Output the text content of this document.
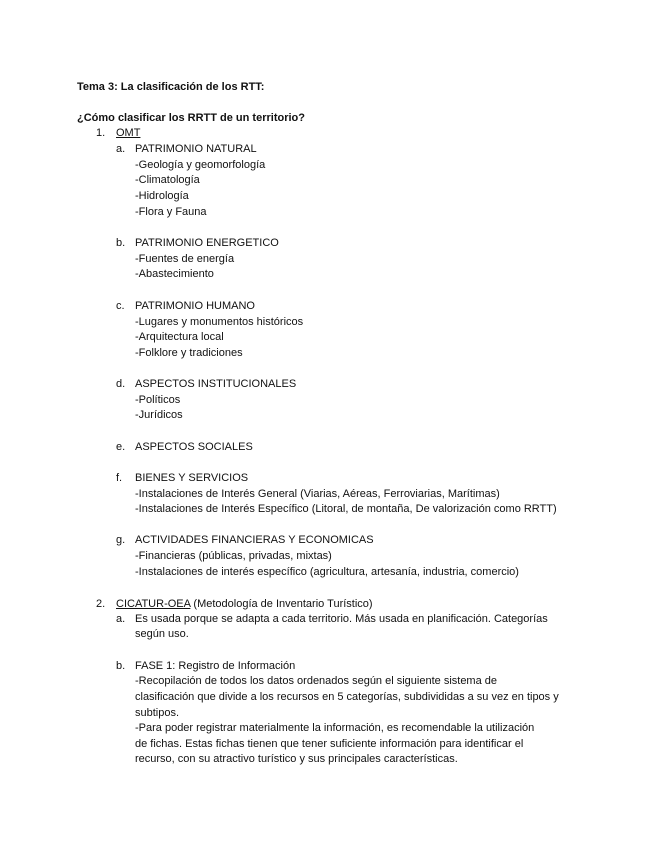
Tema 3: La clasificación de los RTT:
¿Cómo clasificar los RRTT de un territorio?
1. OMT
a. PATRIMONIO NATURAL
-Geología y geomorfología
-Climatología
-Hidrología
-Flora y Fauna
b. PATRIMONIO ENERGETICO
-Fuentes de energía
-Abastecimiento
c. PATRIMONIO HUMANO
-Lugares y monumentos históricos
-Arquitectura local
-Folklore y tradiciones
d. ASPECTOS INSTITUCIONALES
-Políticos
-Jurídicos
e. ASPECTOS SOCIALES
f. BIENES Y SERVICIOS
-Instalaciones de Interés General (Viarias, Aéreas, Ferroviarias, Marítimas)
-Instalaciones de Interés Específico (Litoral, de montaña, De valorización como RRTT)
g. ACTIVIDADES FINANCIERAS Y ECONOMICAS
-Financieras (públicas, privadas, mixtas)
-Instalaciones de interés específico (agricultura, artesanía, industria, comercio)
2. CICATUR-OEA (Metodología de Inventario Turístico)
a. Es usada porque se adapta a cada territorio. Más usada en planificación. Categorías
según uso.
b. FASE 1: Registro de Información
-Recopilación de todos los datos ordenados según el siguiente sistema de
clasificación que divide a los recursos en 5 categorías, subdivididas a su vez en tipos y
subtipos.
-Para poder registrar materialmente la información, es recomendable la utilización
de fichas. Estas fichas tienen que tener suficiente información para identificar el
recurso, con su atractivo turístico y sus principales características.
